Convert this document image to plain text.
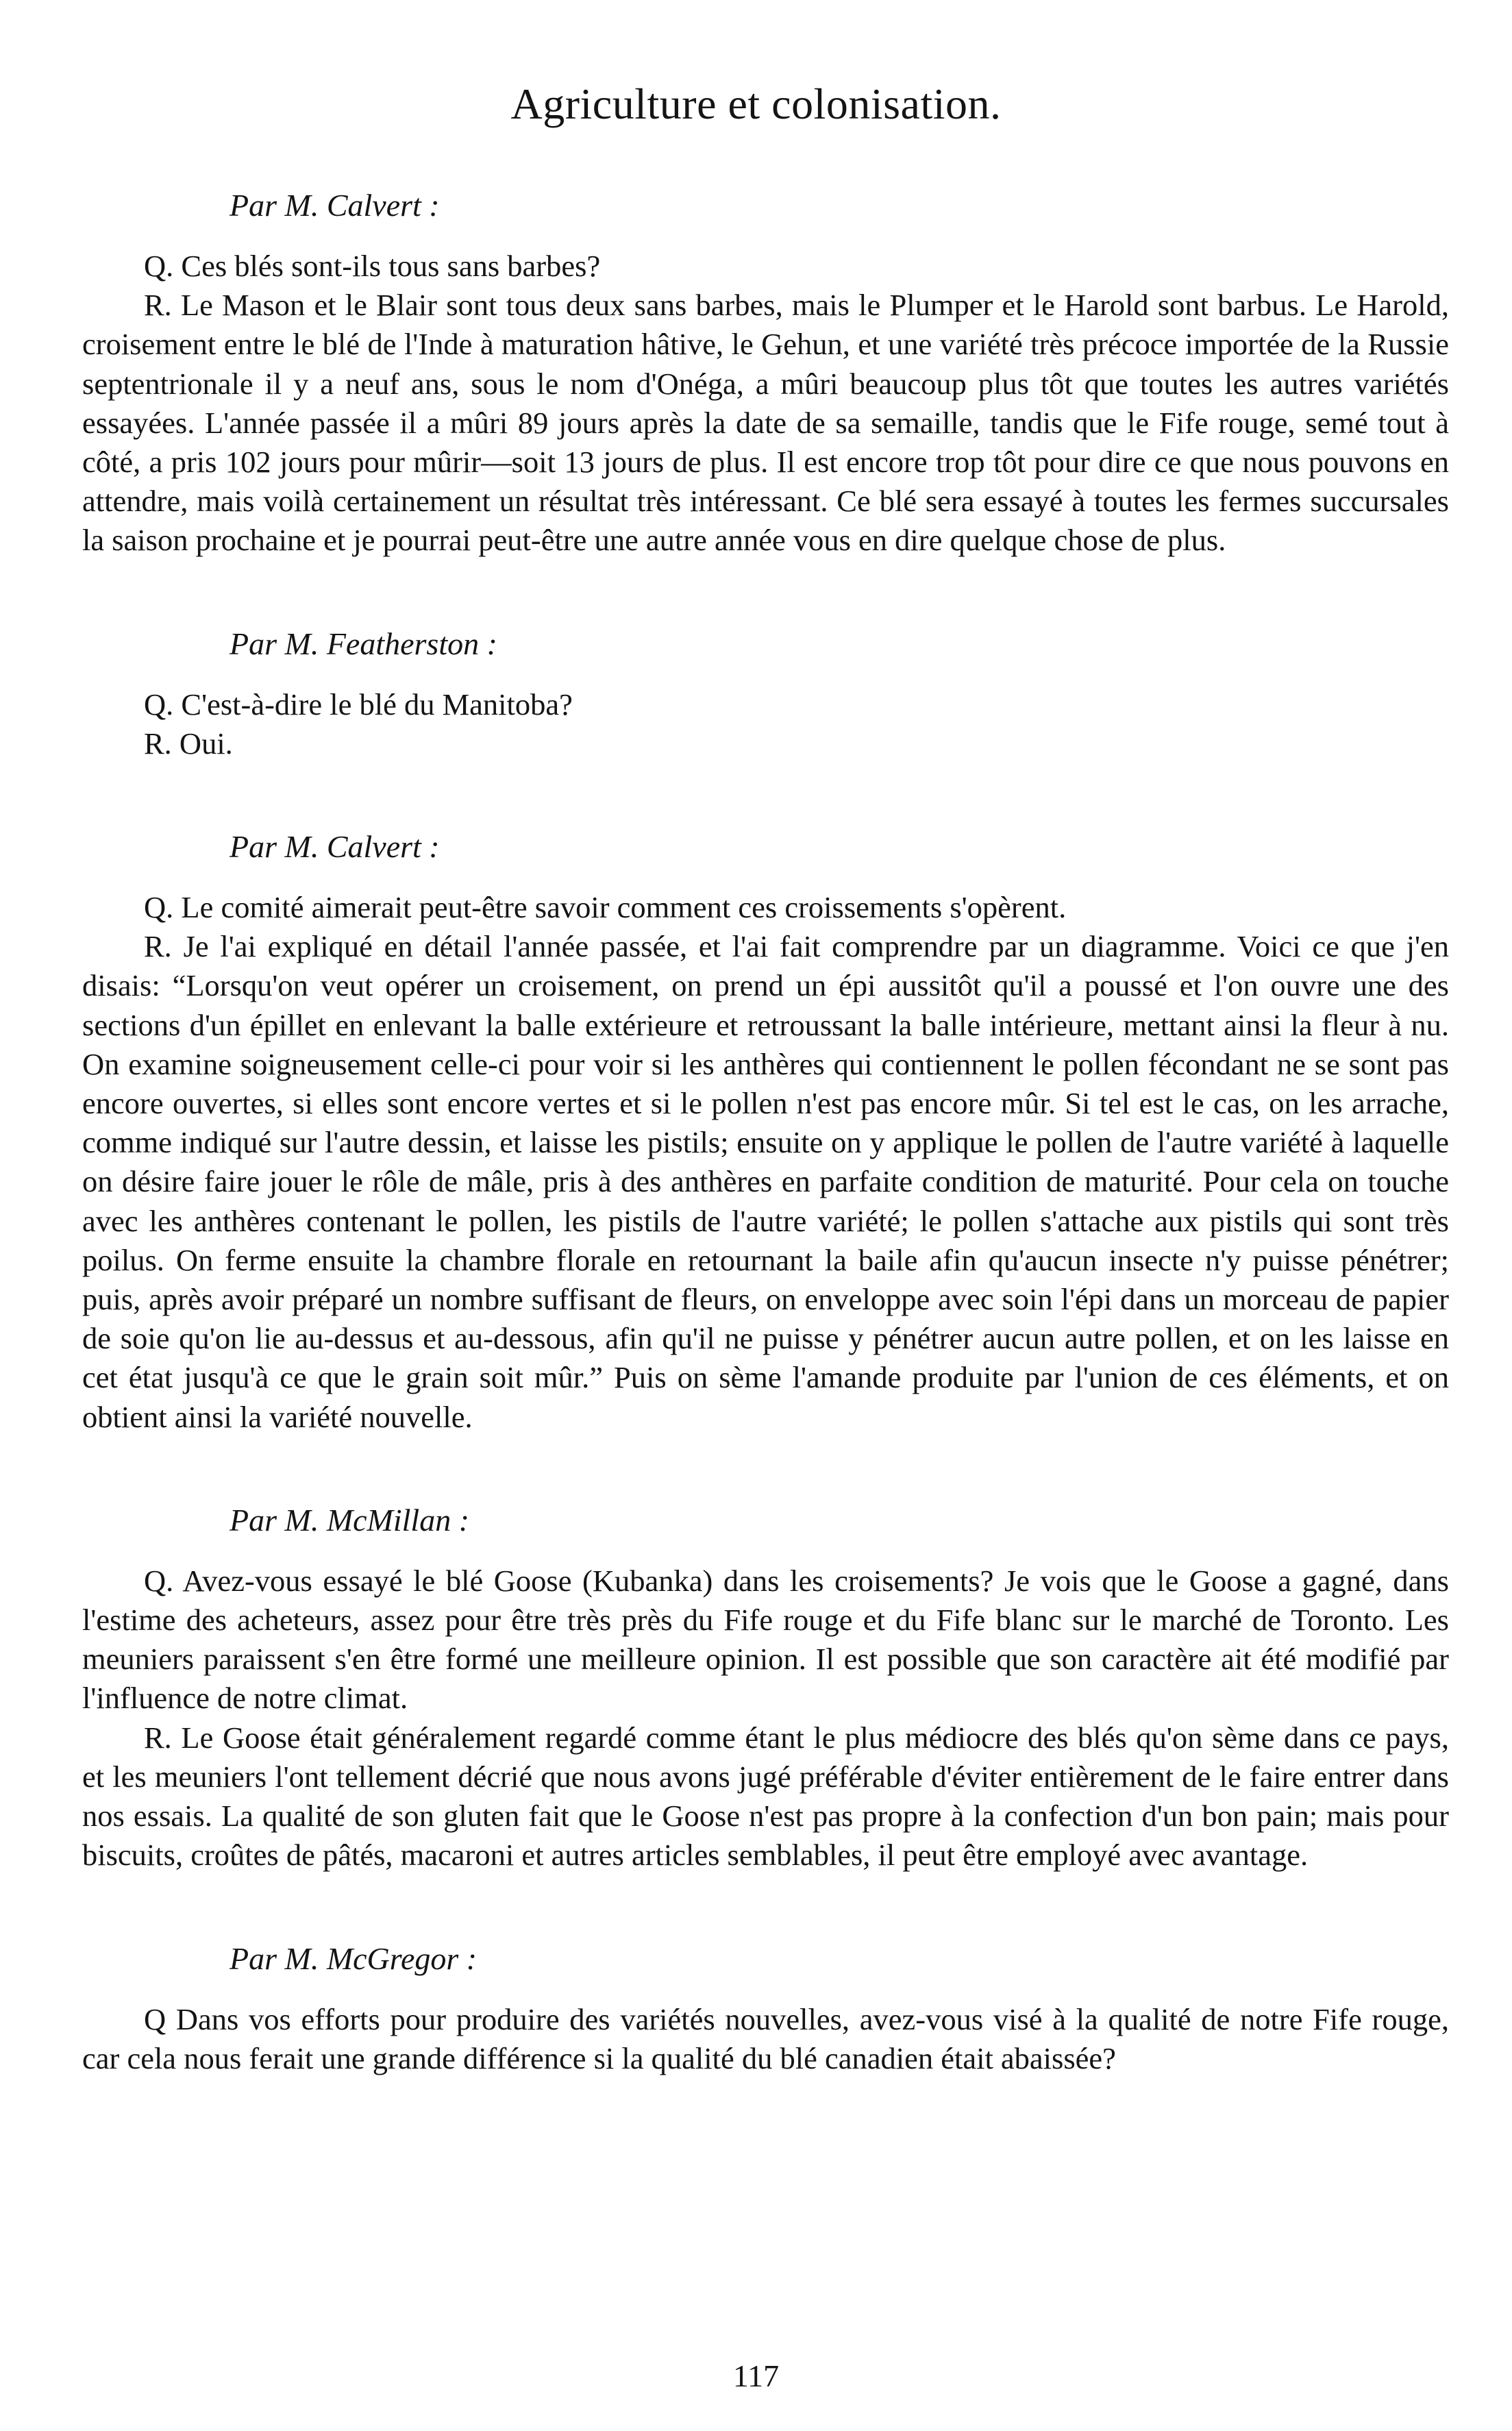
Agriculture et colonisation.

Par M. Calvert :

Q. Ces blés sont-ils tous sans barbes?

R. Le Mason et le Blair sont tous deux sans barbes, mais le Plumper et le Harold sont barbus. Le Harold, croisement entre le blé de l'Inde à maturation hâtive, le Gehun, et une variété très précoce importée de la Russie septentrionale il y a neuf ans, sous le nom d'Onéga, a mûri beaucoup plus tôt que toutes les autres variétés essayées. L'année passée il a mûri 89 jours après la date de sa semaille, tandis que le Fife rouge, semé tout à côté, a pris 102 jours pour mûrir—soit 13 jours de plus. Il est encore trop tôt pour dire ce que nous pouvons en attendre, mais voilà certainement un résultat très intéressant. Ce blé sera essayé à toutes les fermes succursales la saison prochaine et je pourrai peut-être une autre année vous en dire quelque chose de plus.

Par M. Featherston :

Q. C'est-à-dire le blé du Manitoba?

R. Oui.

Par M. Calvert :

Q. Le comité aimerait peut-être savoir comment ces croissements s'opèrent.

R. Je l'ai expliqué en détail l'année passée, et l'ai fait comprendre par un diagramme. Voici ce que j'en disais: “Lorsqu'on veut opérer un croisement, on prend un épi aussitôt qu'il a poussé et l'on ouvre une des sections d'un épillet en enlevant la balle extérieure et retroussant la balle intérieure, mettant ainsi la fleur à nu. On examine soigneusement celle-ci pour voir si les anthères qui contiennent le pollen fécondant ne se sont pas encore ouvertes, si elles sont encore vertes et si le pollen n'est pas encore mûr. Si tel est le cas, on les arrache, comme indiqué sur l'autre dessin, et laisse les pistils; ensuite on y applique le pollen de l'autre variété à laquelle on désire faire jouer le rôle de mâle, pris à des anthères en parfaite condition de maturité. Pour cela on touche avec les anthères contenant le pollen, les pistils de l'autre variété; le pollen s'attache aux pistils qui sont très poilus. On ferme ensuite la chambre florale en retournant la baile afin qu'aucun insecte n'y puisse pénétrer; puis, après avoir préparé un nombre suffisant de fleurs, on enveloppe avec soin l'épi dans un morceau de papier de soie qu'on lie au-dessus et au-dessous, afin qu'il ne puisse y pénétrer aucun autre pollen, et on les laisse en cet état jusqu'à ce que le grain soit mûr.” Puis on sème l'amande produite par l'union de ces éléments, et on obtient ainsi la variété nouvelle.

Par M. McMillan :

Q. Avez-vous essayé le blé Goose (Kubanka) dans les croisements? Je vois que le Goose a gagné, dans l'estime des acheteurs, assez pour être très près du Fife rouge et du Fife blanc sur le marché de Toronto. Les meuniers paraissent s'en être formé une meilleure opinion. Il est possible que son caractère ait été modifié par l'influence de notre climat.

R. Le Goose était généralement regardé comme étant le plus médiocre des blés qu'on sème dans ce pays, et les meuniers l'ont tellement décrié que nous avons jugé préférable d'éviter entièrement de le faire entrer dans nos essais. La qualité de son gluten fait que le Goose n'est pas propre à la confection d'un bon pain; mais pour biscuits, croûtes de pâtés, macaroni et autres articles semblables, il peut être employé avec avantage.

Par M. McGregor :

Q Dans vos efforts pour produire des variétés nouvelles, avez-vous visé à la qualité de notre Fife rouge, car cela nous ferait une grande différence si la qualité du blé canadien était abaissée?

117
